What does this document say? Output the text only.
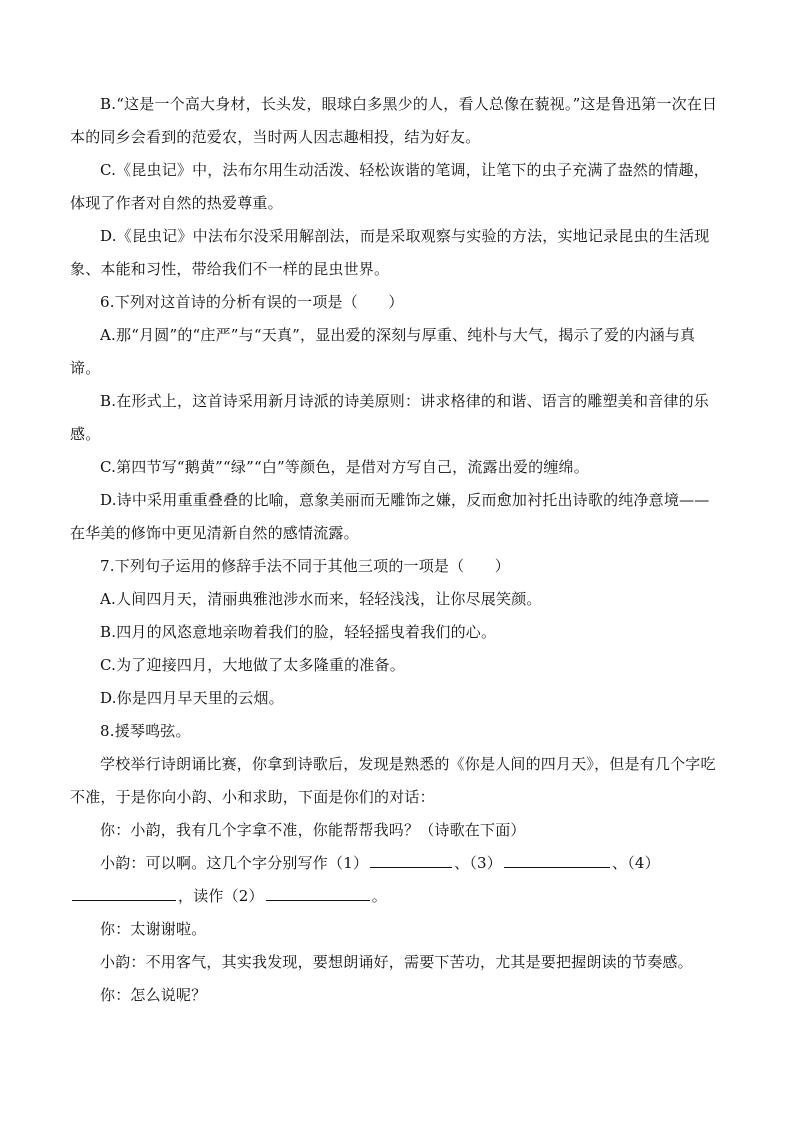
B.“这是一个高大身材，长头发，眼球白多黑少的人，看人总像在藐视。”这是鲁迅第一次在日本的同乡会看到的范爱农，当时两人因志趣相投，结为好友。

C.《昆虫记》中，法布尔用生动活泼、轻松诙谐的笔调，让笔下的虫子充满了盎然的情趣，体现了作者对自然的热爱尊重。

D.《昆虫记》中法布尔没采用解剖法，而是采取观察与实验的方法，实地记录昆虫的生活现象、本能和习性，带给我们不一样的昆虫世界。

6.下列对这首诗的分析有误的一项是（　　）

A.那“月圆”的“庄严”与“天真”，显出爱的深刻与厚重、纯朴与大气，揭示了爱的内涵与真谛。

B.在形式上，这首诗采用新月诗派的诗美原则：讲求格律的和谐、语言的雕塑美和音律的乐感。

C.第四节写“鹅黄”“绿”“白”等颜色，是借对方写自己，流露出爱的缠绵。

D.诗中采用重重叠叠的比喻，意象美丽而无雕饰之嫌，反而愈加衬托出诗歌的纯净意境——在华美的修饰中更见清新自然的感情流露。

7.下列句子运用的修辞手法不同于其他三项的一项是（　　）

A.人间四月天，清丽典雅池涉水而来，轻轻浅浅，让你尽展笑颜。

B.四月的风恣意地亲吻着我们的脸，轻轻摇曳着我们的心。

C.为了迎接四月，大地做了太多隆重的准备。

D.你是四月早天里的云烟。

8.援琴鸣弦。

学校举行诗朗诵比赛，你拿到诗歌后，发现是熟悉的《你是人间的四月天》，但是有几个字吃不准，于是你向小韵、小和求助，下面是你们的对话：

你：小韵，我有几个字拿不准，你能帮帮我吗？（诗歌在下面）

小韵：可以啊。这几个字分别写作（1）	、（3）	、（4）
，读作（2）	。

你：太谢谢啦。

小韵：不用客气，其实我发现，要想朗诵好，需要下苦功，尤其是要把握朗读的节奏感。

你：怎么说呢？
